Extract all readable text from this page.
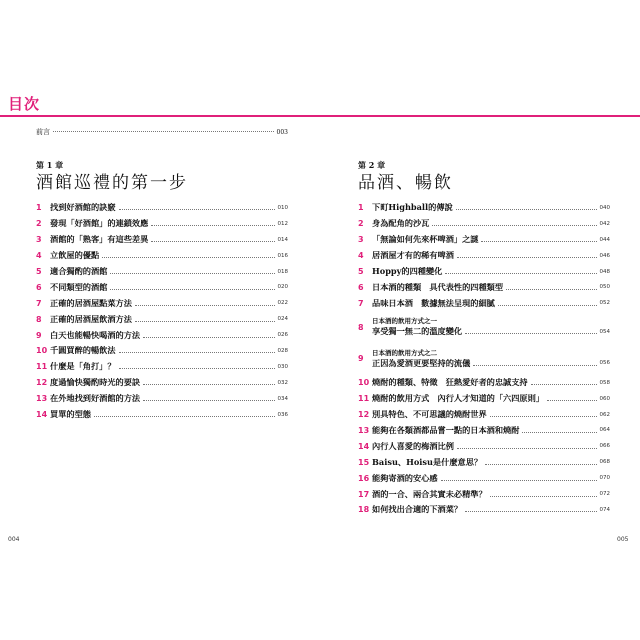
目次
前言	003
第 1 章
酒館巡禮的第一步
1	找到好酒館的訣竅	010
2	發現「好酒館」的連鎖效應	012
3	酒館的「熟客」有這些差異	014
4	立飲屋的優點	016
5	適合獨酌的酒館	018
6	不同類型的酒館	020
7	正確的居酒屋點菜方法	022
8	正確的居酒屋飲酒方法	024
9	白天也能暢快喝酒的方法	026
10 千圓買醉的暢飲法	028
11 什麼是「角打」？	030
12 度過愉快獨酌時光的要訣	032
13 在外地找到好酒館的方法	034
14 買單的型態	036
第 2 章
品酒、暢飲
1	下町Highball的傳說	040
2	身為配角的沙瓦	042
3	「無論如何先來杯啤酒」之謎	044
4	居酒屋才有的稀有啤酒	046
5	Hoppy的四種變化	048
6	日本酒的種類　具代表性的四種類型	050
7	品味日本酒　數據無法呈現的細膩	052
8
日本酒的飲用方式之一
享受獨一無二的溫度變化	054
9
日本酒的飲用方式之二
正因為愛酒更要堅持的流儀	056
10 燒酎的種類、特徵　狂熱愛好者的忠誠支持	058
11 燒酎的飲用方式　內行人才知道的「六四原則」	060
12 別具特色、不可思議的燒酎世界	062
13 能夠在各類酒都品嘗一點的日本酒和燒酎	064
14 內行人喜愛的梅酒比例	066
15 Baisu、Hoisu是什麼意思？	068
16 能夠寄酒的安心感	070
17 酒的一合、兩合其實未必精準？	072
18 如何找出合適的下酒菜？	074
004	005
